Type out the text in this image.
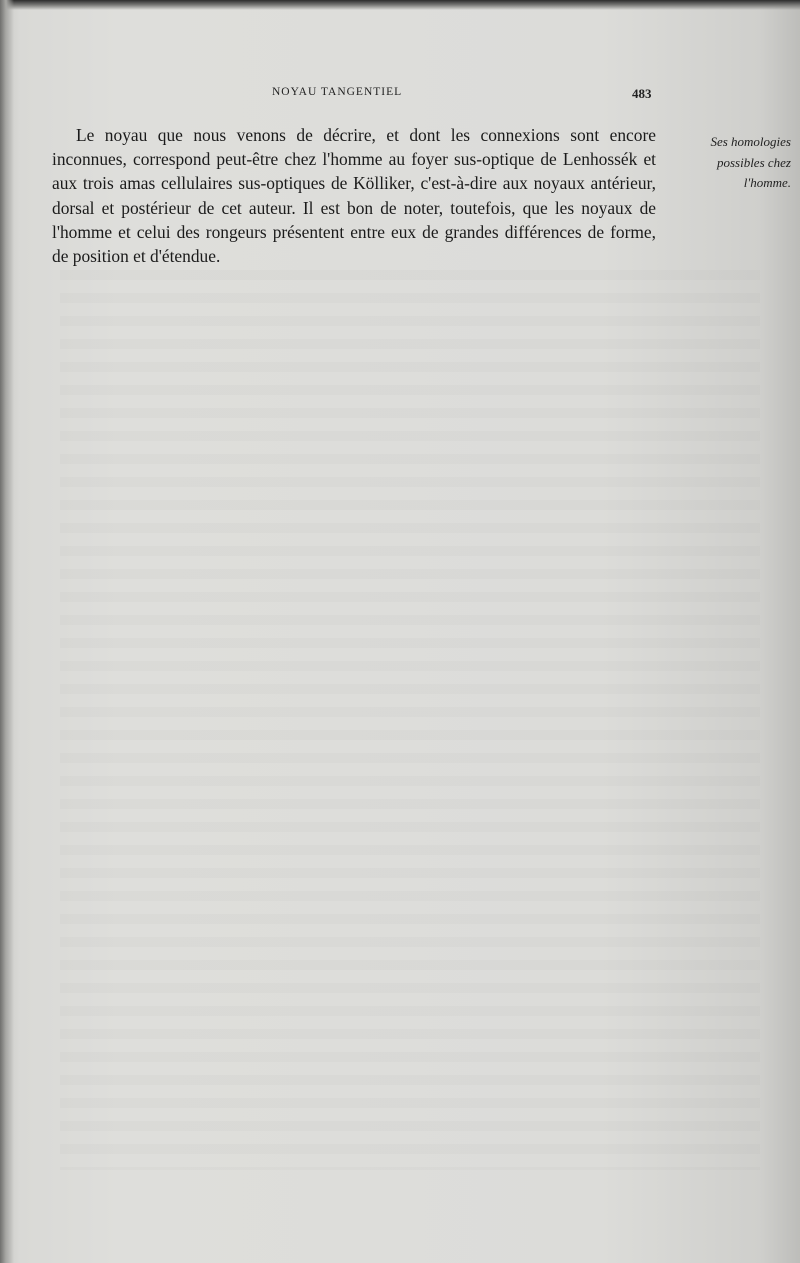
NOYAU TANGENTIEL	483

Le noyau que nous venons de décrire, et dont les connexions sont encore inconnues, correspond peut-être chez l'homme au foyer sus-optique de Lenhossék et aux trois amas cellulaires sus-optiques de Kölliker, c'est-à-dire aux noyaux antérieur, dorsal et postérieur de cet auteur. Il est bon de noter, toutefois, que les noyaux de l'homme et celui des rongeurs présentent entre eux de grandes différences de forme, de position et d'étendue.

Ses homologies possibles chez l'homme.
